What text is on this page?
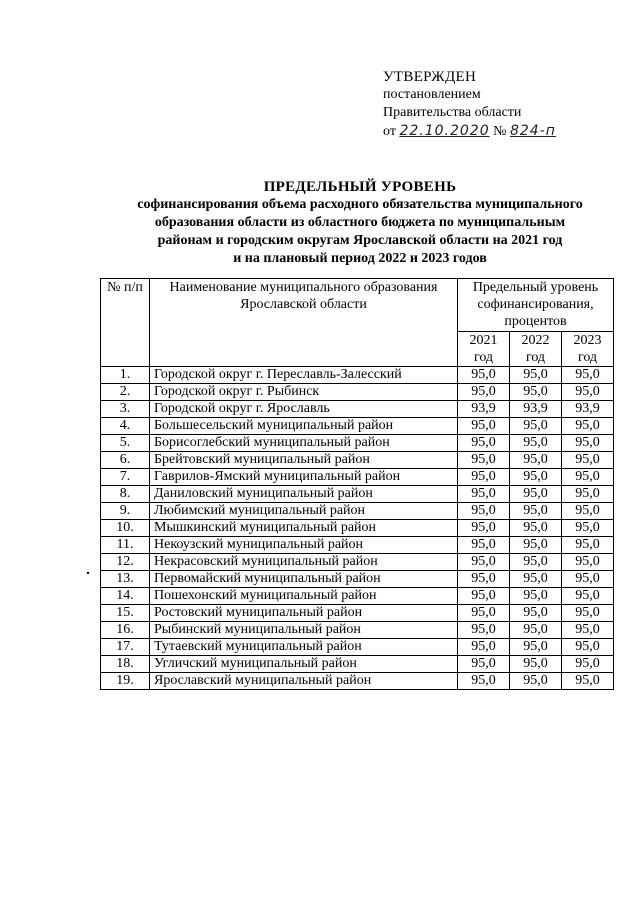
УТВЕРЖДЕН
постановлением
Правительства области
от 22.10.2020 № 824-п
ПРЕДЕЛЬНЫЙ УРОВЕНЬ
софинансирования объема расходного обязательства муниципального
образования области из областного бюджета по муниципальным
районам и городским округам Ярославской области на 2021 год
и на плановый период 2022 и 2023 годов
№ п/п	Наименование муниципального образования Ярославской области	Предельный уровень софинансирования, процентов		
		2021 год	2022 год	2023 год
1.	Городской округ г. Переславль-Залесский	95,0	95,0	95,0
2.	Городской округ г. Рыбинск	95,0	95,0	95,0
3.	Городской округ г. Ярославль	93,9	93,9	93,9
4.	Большесельский муниципальный район	95,0	95,0	95,0
5.	Борисоглебский муниципальный район	95,0	95,0	95,0
6.	Брейтовский муниципальный район	95,0	95,0	95,0
7.	Гаврилов-Ямский муниципальный район	95,0	95,0	95,0
8.	Даниловский муниципальный район	95,0	95,0	95,0
9.	Любимский муниципальный район	95,0	95,0	95,0
10.	Мышкинский муниципальный район	95,0	95,0	95,0
11.	Некоузский муниципальный район	95,0	95,0	95,0
12.	Некрасовский муниципальный район	95,0	95,0	95,0
13.	Первомайский муниципальный район	95,0	95,0	95,0
14.	Пошехонский муниципальный район	95,0	95,0	95,0
15.	Ростовский муниципальный район	95,0	95,0	95,0
16.	Рыбинский муниципальный район	95,0	95,0	95,0
17.	Тутаевский муниципальный район	95,0	95,0	95,0
18.	Угличский муниципальный район	95,0	95,0	95,0
19.	Ярославский муниципальный район	95,0	95,0	95,0
